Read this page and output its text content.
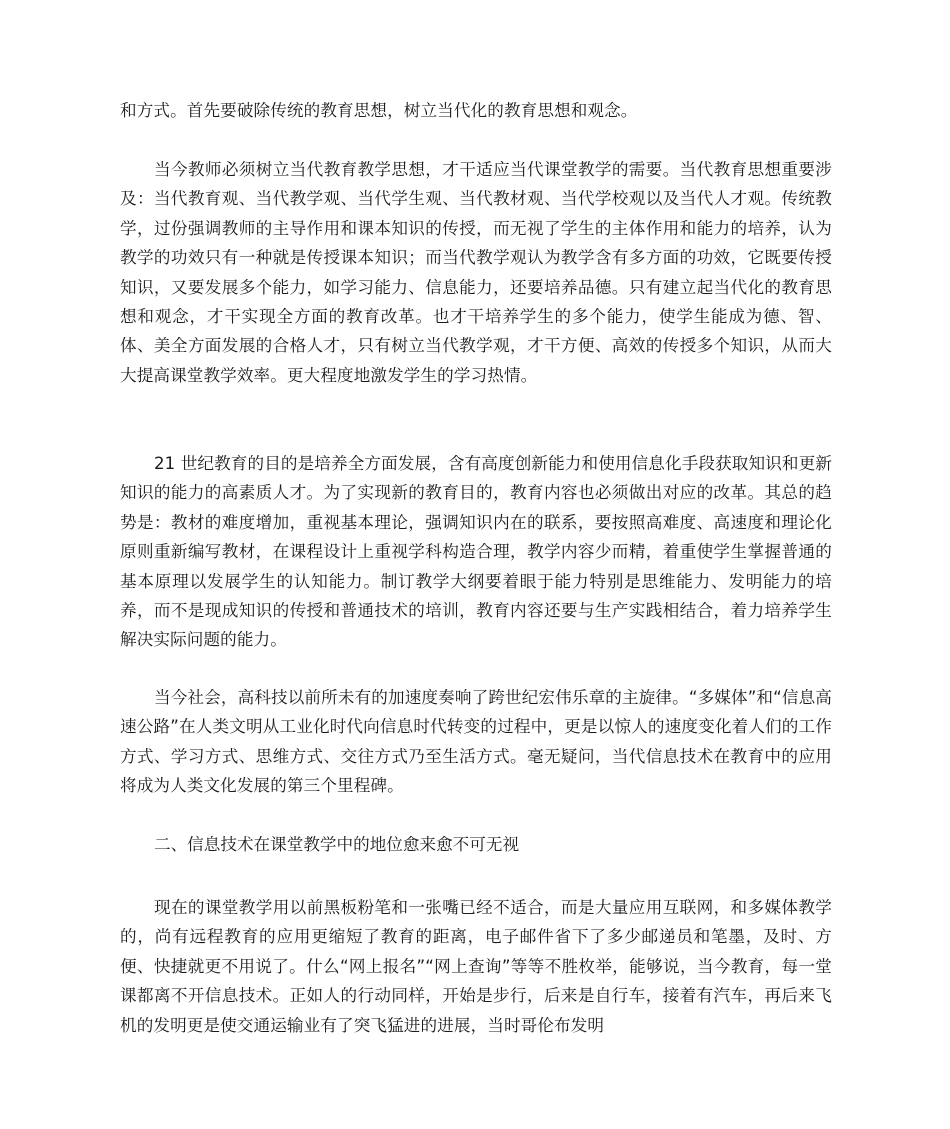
和方式。首先要破除传统的教育思想，树立当代化的教育思想和观念。

当今教师必须树立当代教育教学思想，才干适应当代课堂教学的需要。当代教育思想重要涉及：当代教育观、当代教学观、当代学生观、当代教材观、当代学校观以及当代人才观。传统教学，过份强调教师的主导作用和课本知识的传授，而无视了学生的主体作用和能力的培养，认为教学的功效只有一种就是传授课本知识；而当代教学观认为教学含有多方面的功效，它既要传授知识，又要发展多个能力，如学习能力、信息能力，还要培养品德。只有建立起当代化的教育思想和观念，才干实现全方面的教育改革。也才干培养学生的多个能力，使学生能成为德、智、体、美全方面发展的合格人才，只有树立当代教学观，才干方便、高效的传授多个知识，从而大大提高课堂教学效率。更大程度地激发学生的学习热情。

21 世纪教育的目的是培养全方面发展，含有高度创新能力和使用信息化手段获取知识和更新知识的能力的高素质人才。为了实现新的教育目的，教育内容也必须做出对应的改革。其总的趋势是：教材的难度增加，重视基本理论，强调知识内在的联系，要按照高难度、高速度和理论化原则重新编写教材，在课程设计上重视学科构造合理，教学内容少而精，着重使学生掌握普通的基本原理以发展学生的认知能力。制订教学大纲要着眼于能力特别是思维能力、发明能力的培养，而不是现成知识的传授和普通技术的培训，教育内容还要与生产实践相结合，着力培养学生解决实际问题的能力。

当今社会，高科技以前所未有的加速度奏响了跨世纪宏伟乐章的主旋律。“多媒体”和“信息高速公路”在人类文明从工业化时代向信息时代转变的过程中，更是以惊人的速度变化着人们的工作方式、学习方式、思维方式、交往方式乃至生活方式。毫无疑问，当代信息技术在教育中的应用将成为人类文化发展的第三个里程碑。

二、信息技术在课堂教学中的地位愈来愈不可无视

现在的课堂教学用以前黑板粉笔和一张嘴已经不适合，而是大量应用互联网，和多媒体教学的，尚有远程教育的应用更缩短了教育的距离，电子邮件省下了多少邮递员和笔墨，及时、方便、快捷就更不用说了。什么“网上报名”“网上查询”等等不胜枚举，能够说，当今教育，每一堂课都离不开信息技术。正如人的行动同样，开始是步行，后来是自行车，接着有汽车，再后来飞机的发明更是使交通运输业有了突飞猛进的进展，当时哥伦布发明
